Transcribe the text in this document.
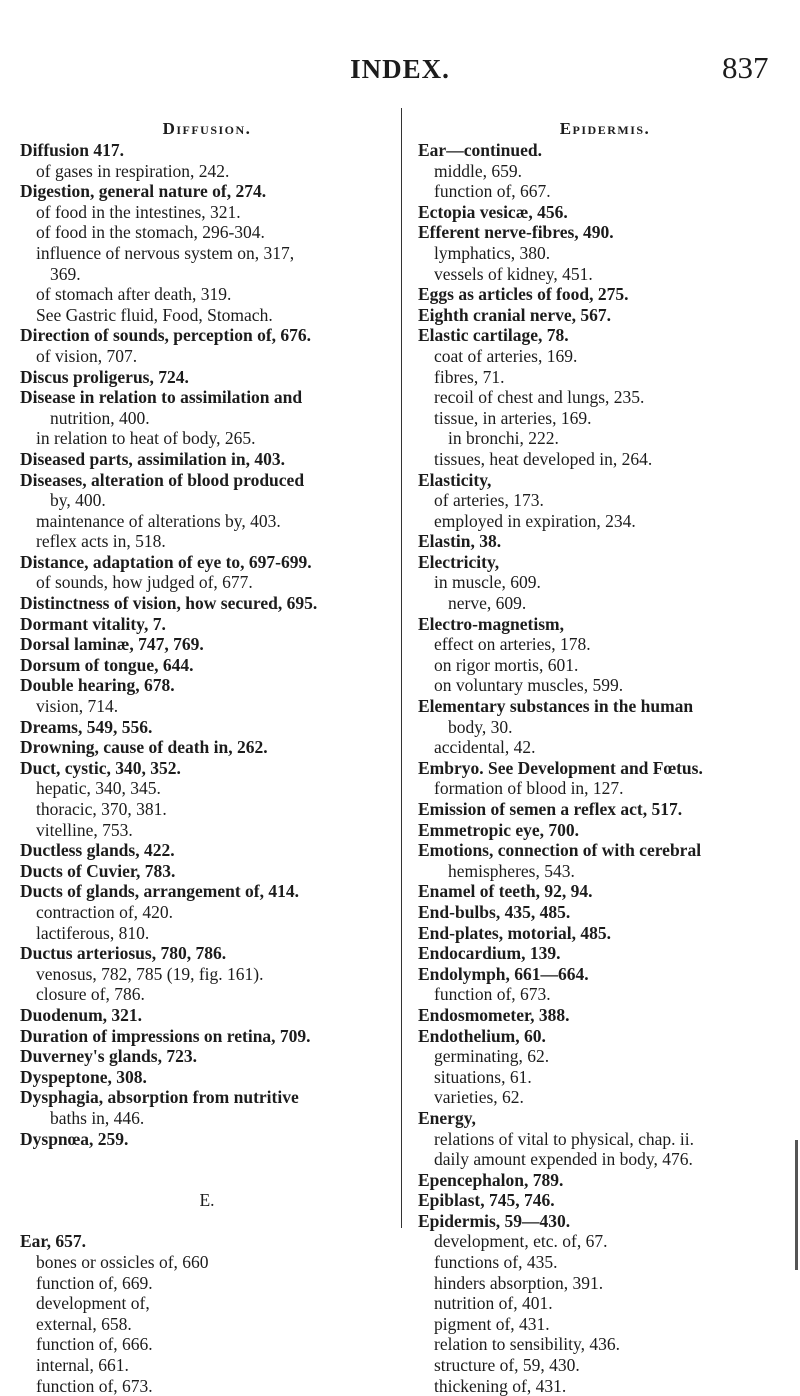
INDEX.	837
Diffusion.
Diffusion 417.
of gases in respiration, 242.
Digestion, general nature of, 274.
of food in the intestines, 321.
of food in the stomach, 296-304.
influence of nervous system on, 317,
369.
of stomach after death, 319.
See Gastric fluid, Food, Stomach.
Direction of sounds, perception of, 676.
of vision, 707.
Discus proligerus, 724.
Disease in relation to assimilation and
nutrition, 400.
in relation to heat of body, 265.
Diseased parts, assimilation in, 403.
Diseases, alteration of blood produced
by, 400.
maintenance of alterations by, 403.
reflex acts in, 518.
Distance, adaptation of eye to, 697-699.
of sounds, how judged of, 677.
Distinctness of vision, how secured, 695.
Dormant vitality, 7.
Dorsal laminæ, 747, 769.
Dorsum of tongue, 644.
Double hearing, 678.
vision, 714.
Dreams, 549, 556.
Drowning, cause of death in, 262.
Duct, cystic, 340, 352.
hepatic, 340, 345.
thoracic, 370, 381.
vitelline, 753.
Ductless glands, 422.
Ducts of Cuvier, 783.
Ducts of glands, arrangement of, 414.
contraction of, 420.
lactiferous, 810.
Ductus arteriosus, 780, 786.
venosus, 782, 785 (19, fig. 161).
closure of, 786.
Duodenum, 321.
Duration of impressions on retina, 709.
Duverney's glands, 723.
Dyspeptone, 308.
Dysphagia, absorption from nutritive
baths in, 446.
Dyspnœa, 259.
E.
Ear, 657.
bones or ossicles of, 660
function of, 669.
development of,
external, 658.
function of, 666.
internal, 661.
function of, 673.
Epidermis.
Ear—continued.
middle, 659.
function of, 667.
Ectopia vesicæ, 456.
Efferent nerve-fibres, 490.
lymphatics, 380.
vessels of kidney, 451.
Eggs as articles of food, 275.
Eighth cranial nerve, 567.
Elastic cartilage, 78.
coat of arteries, 169.
fibres, 71.
recoil of chest and lungs, 235.
tissue, in arteries, 169.
in bronchi, 222.
tissues, heat developed in, 264.
Elasticity,
of arteries, 173.
employed in expiration, 234.
Elastin, 38.
Electricity,
in muscle, 609.
nerve, 609.
Electro-magnetism,
effect on arteries, 178.
on rigor mortis, 601.
on voluntary muscles, 599.
Elementary substances in the human
body, 30.
accidental, 42.
Embryo. See Development and Fœtus.
formation of blood in, 127.
Emission of semen a reflex act, 517.
Emmetropic eye, 700.
Emotions, connection of with cerebral
hemispheres, 543.
Enamel of teeth, 92, 94.
End-bulbs, 435, 485.
End-plates, motorial, 485.
Endocardium, 139.
Endolymph, 661—664.
function of, 673.
Endosmometer, 388.
Endothelium, 60.
germinating, 62.
situations, 61.
varieties, 62.
Energy,
relations of vital to physical, chap. ii.
daily amount expended in body, 476.
Epencephalon, 789.
Epiblast, 745, 746.
Epidermis, 59—430.
development, etc. of, 67.
functions of, 435.
hinders absorption, 391.
nutrition of, 401.
pigment of, 431.
relation to sensibility, 436.
structure of, 59, 430.
thickening of, 431.
